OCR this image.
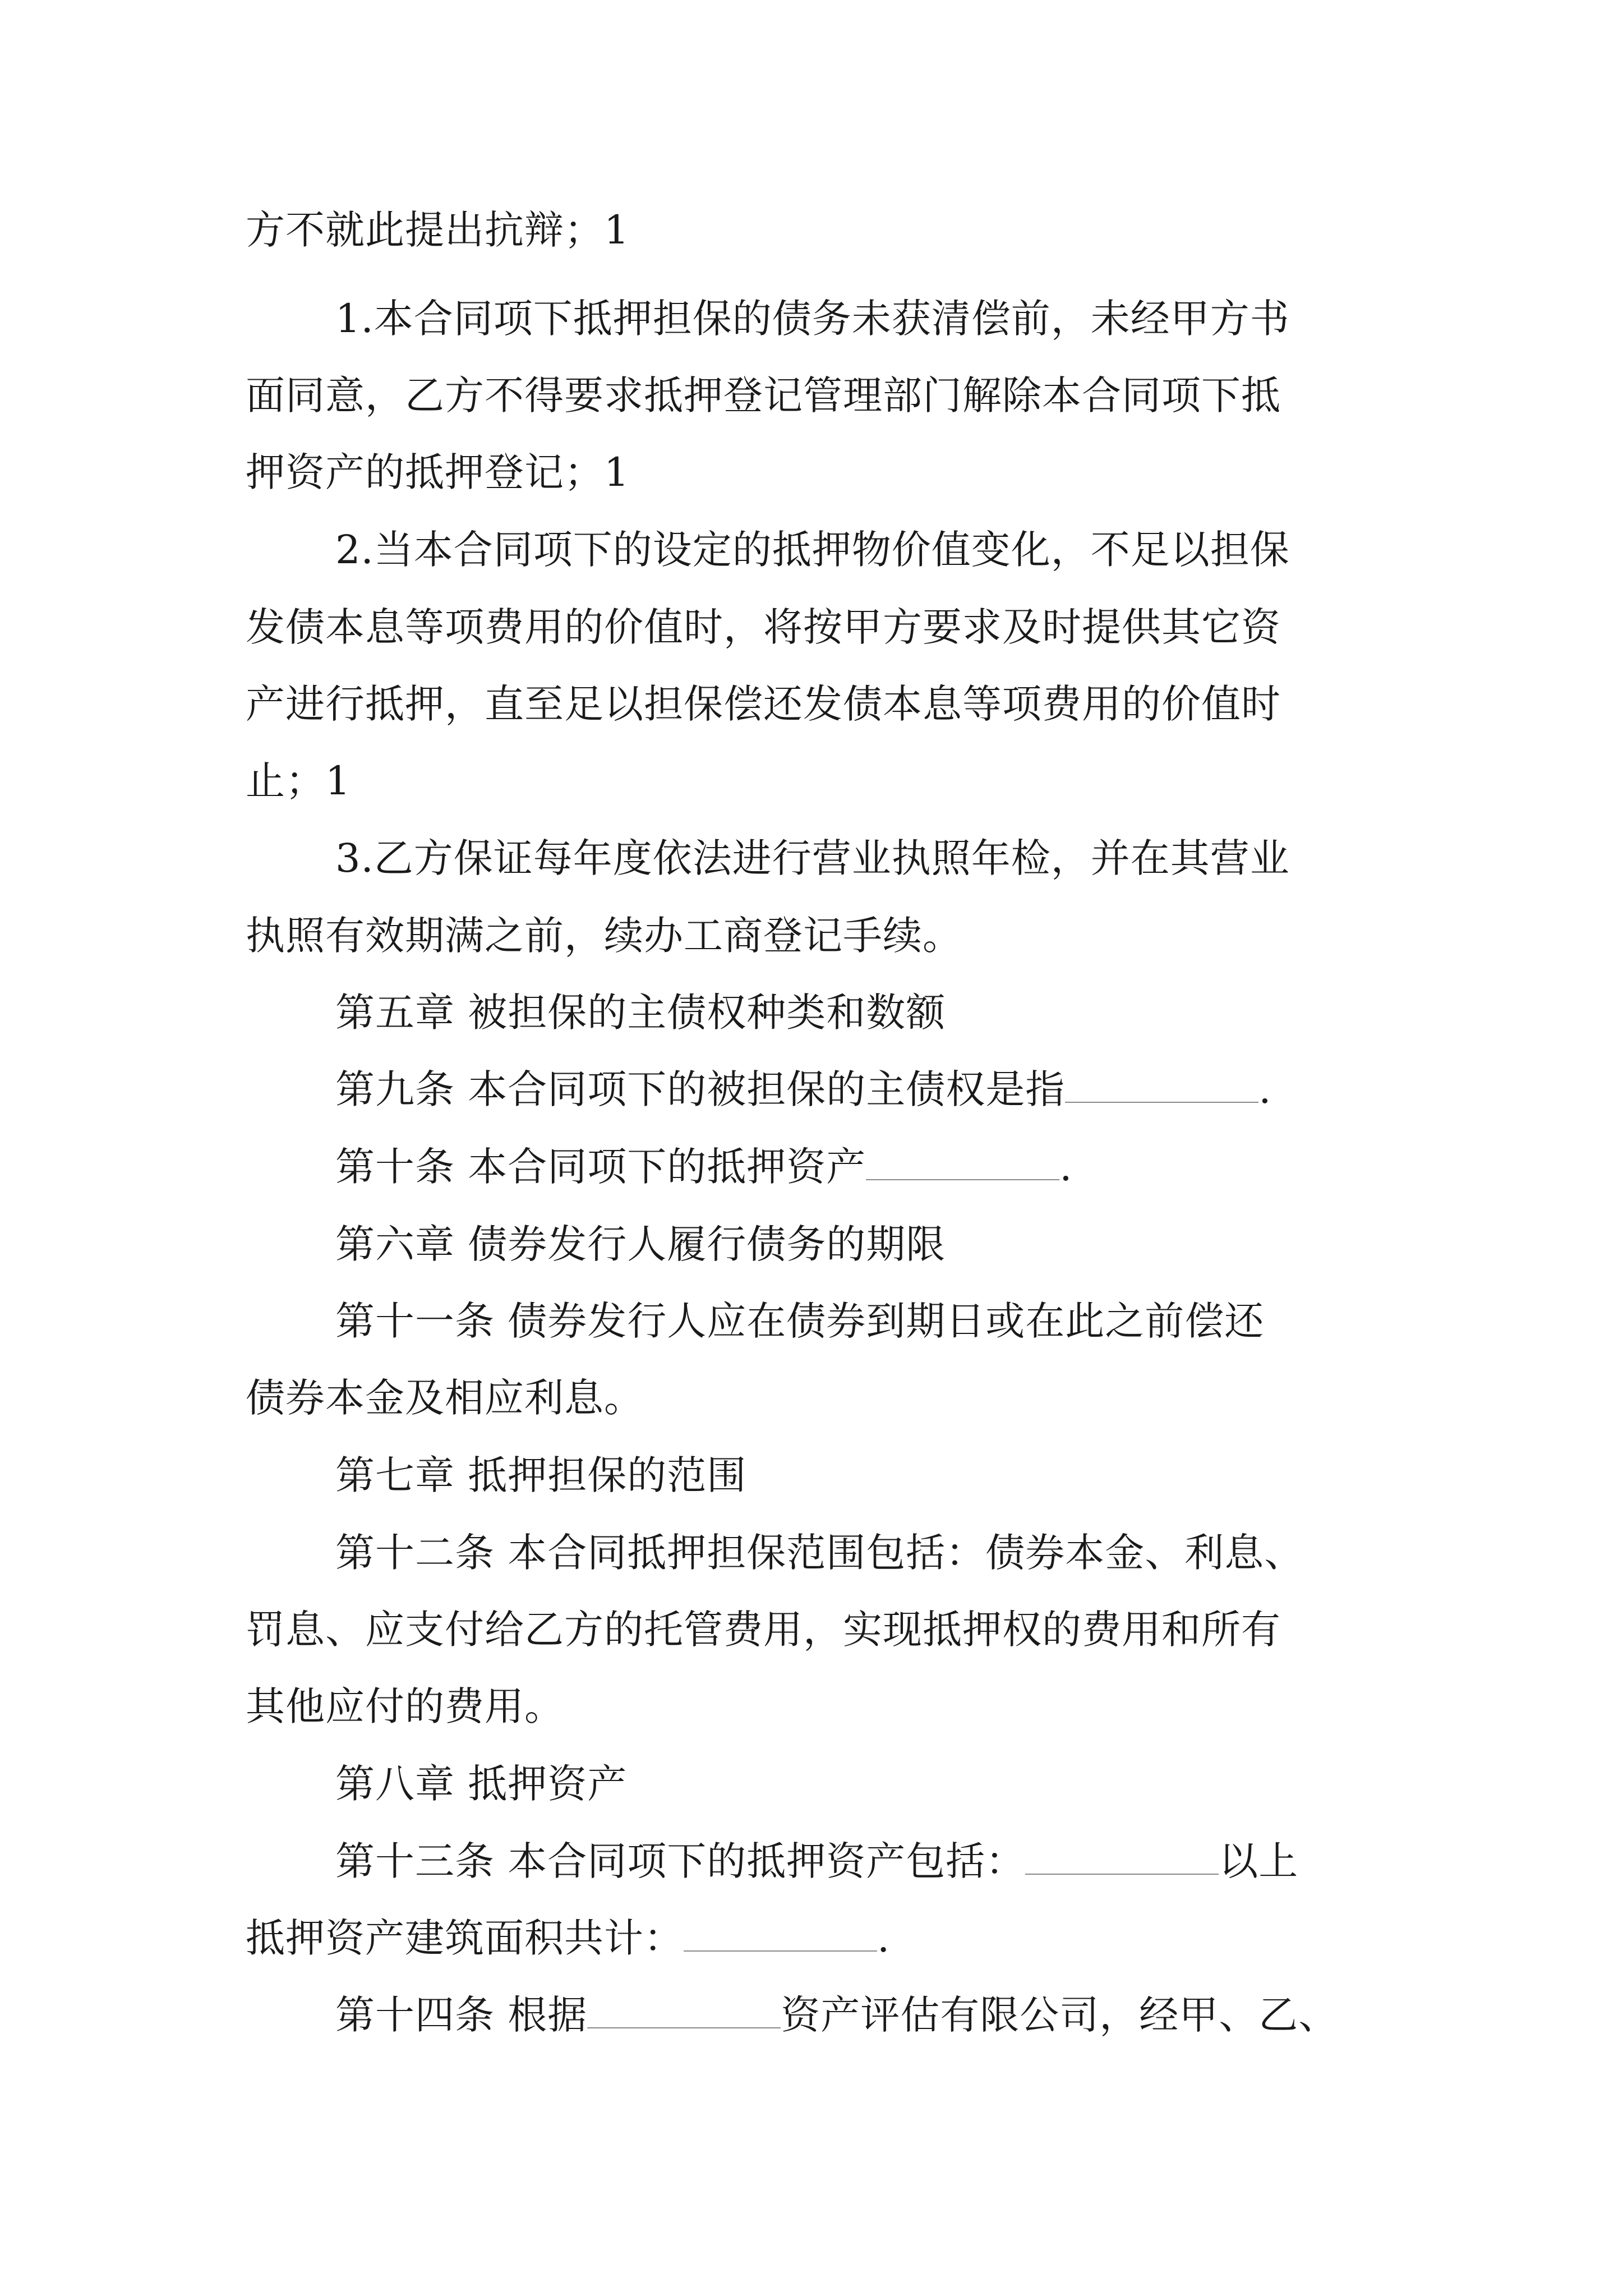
方不就此提出抗辩；1
1.本合同项下抵押担保的债务未获清偿前，未经甲方书
面同意，乙方不得要求抵押登记管理部门解除本合同项下抵
押资产的抵押登记；1
2.当本合同项下的设定的抵押物价值变化，不足以担保
发债本息等项费用的价值时，将按甲方要求及时提供其它资
产进行抵押，直至足以担保偿还发债本息等项费用的价值时
止；1
3.乙方保证每年度依法进行营业执照年检，并在其营业
执照有效期满之前，续办工商登记手续。
第五章 被担保的主债权种类和数额
第九条 本合同项下的被担保的主债权是指	.
第十条 本合同项下的抵押资产	.
第六章 债券发行人履行债务的期限
第十一条 债券发行人应在债券到期日或在此之前偿还
债券本金及相应利息。
第七章 抵押担保的范围
第十二条 本合同抵押担保范围包括：债券本金、利息、
罚息、应支付给乙方的托管费用，实现抵押权的费用和所有
其他应付的费用。
第八章 抵押资产
第十三条 本合同项下的抵押资产包括：	以上
抵押资产建筑面积共计：	.
第十四条 根据	资产评估有限公司，经甲、乙、
